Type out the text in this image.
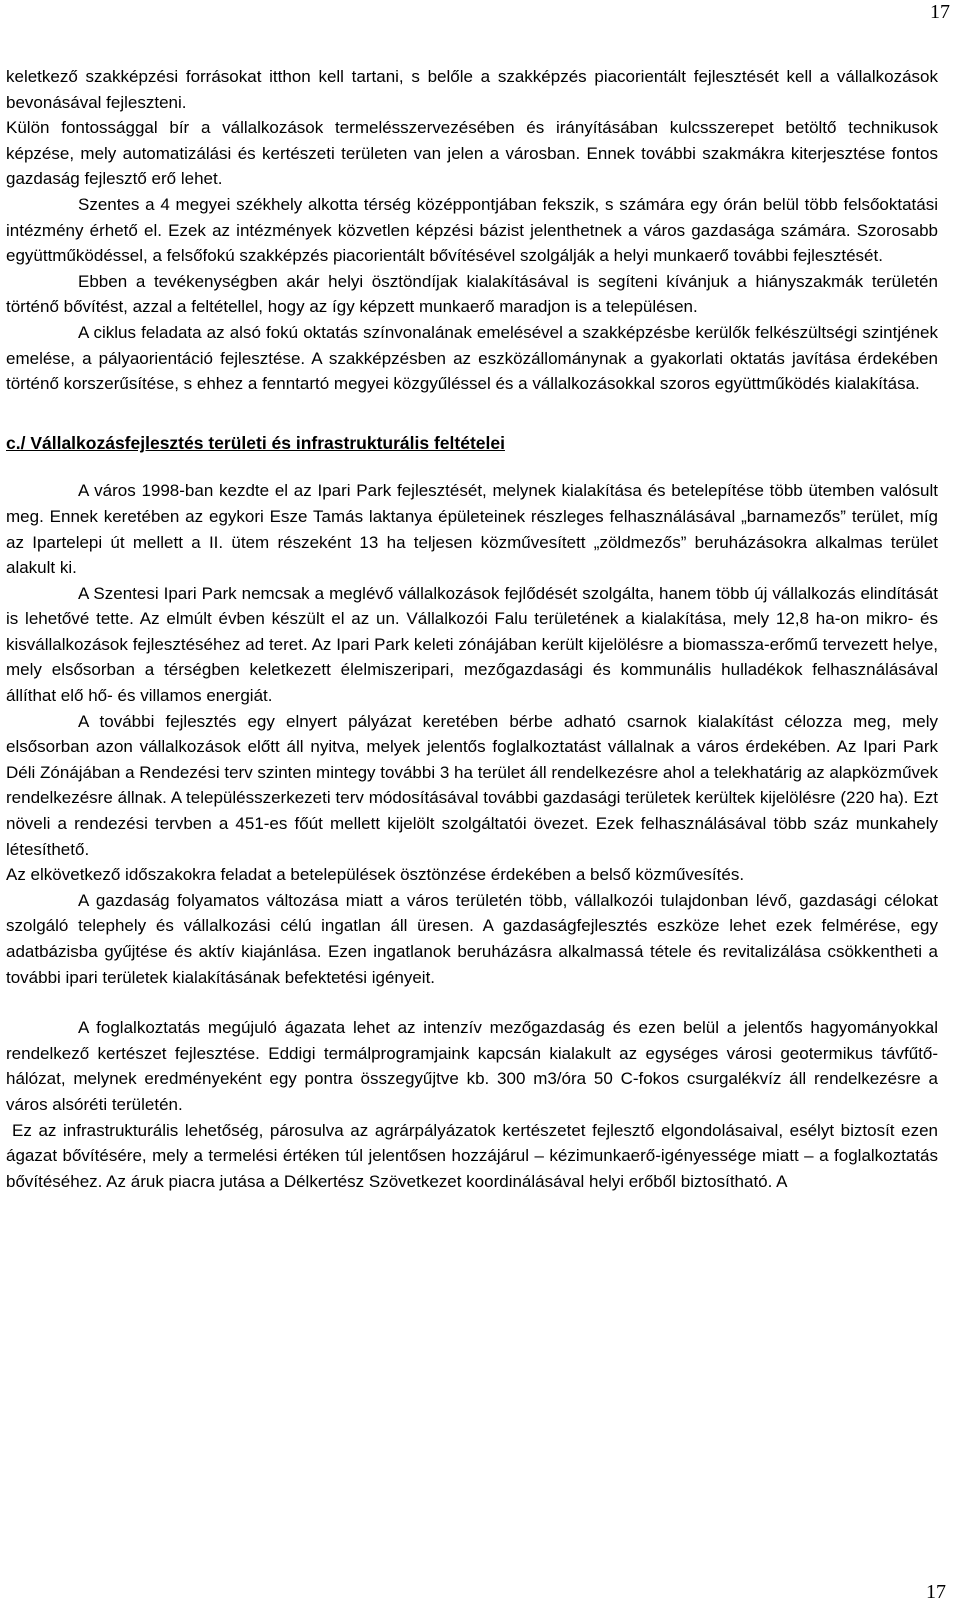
17

keletkező szakképzési forrásokat itthon kell tartani, s belőle a szakképzés piacorientált fejlesztését kell a vállalkozások bevonásával fejleszteni.

Külön fontossággal bír a vállalkozások termelésszervezésében és irányításában kulcsszerepet betöltő technikusok képzése, mely automatizálási és kertészeti területen van jelen a városban. Ennek további szakmákra kiterjesztése fontos gazdaság fejlesztő erő lehet.

Szentes a 4 megyei székhely alkotta térség középpontjában fekszik, s számára egy órán belül több felsőoktatási intézmény érhető el. Ezek az intézmények közvetlen képzési bázist jelenthetnek a város gazdasága számára. Szorosabb együttműködéssel, a felsőfokú szakképzés piacorientált bővítésével szolgálják a helyi munkaerő további fejlesztését.

Ebben a tevékenységben akár helyi ösztöndíjak kialakításával is segíteni kívánjuk a hiányszakmák területén történő bővítést, azzal a feltétellel, hogy az így képzett munkaerő maradjon is a településen.

A ciklus feladata az alsó fokú oktatás színvonalának emelésével a szakképzésbe kerülők felkészültségi szintjének emelése, a pályaorientáció fejlesztése. A szakképzésben az eszközállománynak a gyakorlati oktatás javítása érdekében történő korszerűsítése, s ehhez a fenntartó megyei közgyűléssel és a vállalkozásokkal szoros együttműködés kialakítása.

c./ Vállalkozásfejlesztés területi és infrastrukturális feltételei

A város 1998-ban kezdte el az Ipari Park fejlesztését, melynek kialakítása és betelepítése több ütemben valósult meg. Ennek keretében az egykori Esze Tamás laktanya épületeinek részleges felhasználásával „barnamezős” terület, míg az Ipartelepi út mellett a II. ütem részeként 13 ha teljesen közművesített „zöldmezős” beruházásokra alkalmas terület alakult ki.

A Szentesi Ipari Park nemcsak a meglévő vállalkozások fejlődését szolgálta, hanem több új vállalkozás elindítását is lehetővé tette. Az elmúlt évben készült el az un. Vállalkozói Falu területének a kialakítása, mely 12,8 ha-on mikro- és kisvállalkozások fejlesztéséhez ad teret. Az Ipari Park keleti zónájában került kijelölésre a biomassza-erőmű tervezett helye, mely elsősorban a térségben keletkezett élelmiszeripari, mezőgazdasági és kommunális hulladékok felhasználásával állíthat elő hő- és villamos energiát.

A további fejlesztés egy elnyert pályázat keretében bérbe adható csarnok kialakítást célozza meg, mely elsősorban azon vállalkozások előtt áll nyitva, melyek jelentős foglalkoztatást vállalnak a város érdekében. Az Ipari Park Déli Zónájában a Rendezési terv szinten mintegy további 3 ha terület áll rendelkezésre ahol a telekhatárig az alapközművek rendelkezésre állnak. A településszerkezeti terv módosításával további gazdasági területek kerültek kijelölésre (220 ha). Ezt növeli a rendezési tervben a 451-es főút mellett kijelölt szolgáltatói övezet. Ezek felhasználásával több száz munkahely létesíthető.

Az elkövetkező időszakokra feladat a betelepülések ösztönzése érdekében a belső közművesítés.

A gazdaság folyamatos változása miatt a város területén több, vállalkozói tulajdonban lévő, gazdasági célokat szolgáló telephely és vállalkozási célú ingatlan áll üresen. A gazdaságfejlesztés eszköze lehet ezek felmérése, egy adatbázisba gyűjtése és aktív kiajánlása. Ezen ingatlanok beruházásra alkalmassá tétele és revitalizálása csökkentheti a további ipari területek kialakításának befektetési igényeit.

A foglalkoztatás megújuló ágazata lehet az intenzív mezőgazdaság és ezen belül a jelentős hagyományokkal rendelkező kertészet fejlesztése. Eddigi termálprogramjaink kapcsán kialakult az egységes városi geotermikus távfűtő-hálózat, melynek eredményeként egy pontra összegyűjtve kb. 300 m3/óra 50 C-fokos csurgalékvíz áll rendelkezésre a város alsóréti területén.

Ez az infrastrukturális lehetőség, párosulva az agrárpályázatok kertészetet fejlesztő elgondolásaival, esélyt biztosít ezen ágazat bővítésére, mely a termelési értéken túl jelentősen hozzájárul – kézimunkaerő-igényessége miatt – a foglalkoztatás bővítéséhez. Az áruk piacra jutása a Délkertész Szövetkezet koordinálásával helyi erőből biztosítható. A

17
